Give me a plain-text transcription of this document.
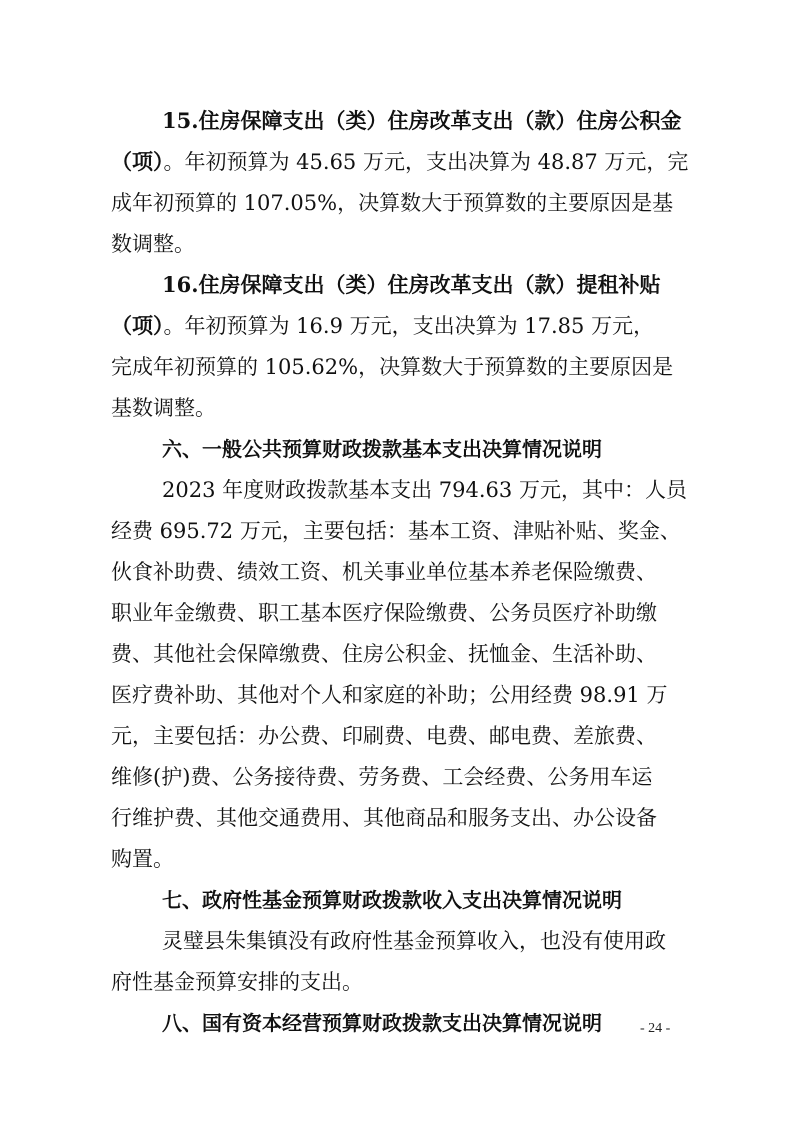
15.住房保障支出（类）住房改革支出（款）住房公积金
（项）。年初预算为 45.65 万元，支出决算为 48.87 万元，完
成年初预算的 107.05%，决算数大于预算数的主要原因是基
数调整。
16.住房保障支出（类）住房改革支出（款）提租补贴
（项）。年初预算为 16.9 万元，支出决算为 17.85 万元，
完成年初预算的 105.62%，决算数大于预算数的主要原因是
基数调整。
六、一般公共预算财政拨款基本支出决算情况说明
2023 年度财政拨款基本支出 794.63 万元，其中：人员
经费 695.72 万元，主要包括：基本工资、津贴补贴、奖金、
伙食补助费、绩效工资、机关事业单位基本养老保险缴费、
职业年金缴费、职工基本医疗保险缴费、公务员医疗补助缴
费、其他社会保障缴费、住房公积金、抚恤金、生活补助、
医疗费补助、其他对个人和家庭的补助；公用经费 98.91 万
元，主要包括：办公费、印刷费、电费、邮电费、差旅费、
维修(护)费、公务接待费、劳务费、工会经费、公务用车运
行维护费、其他交通费用、其他商品和服务支出、办公设备
购置。
七、政府性基金预算财政拨款收入支出决算情况说明
灵璧县朱集镇没有政府性基金预算收入，也没有使用政
府性基金预算安排的支出。
八、国有资本经营预算财政拨款支出决算情况说明	- 24 -
